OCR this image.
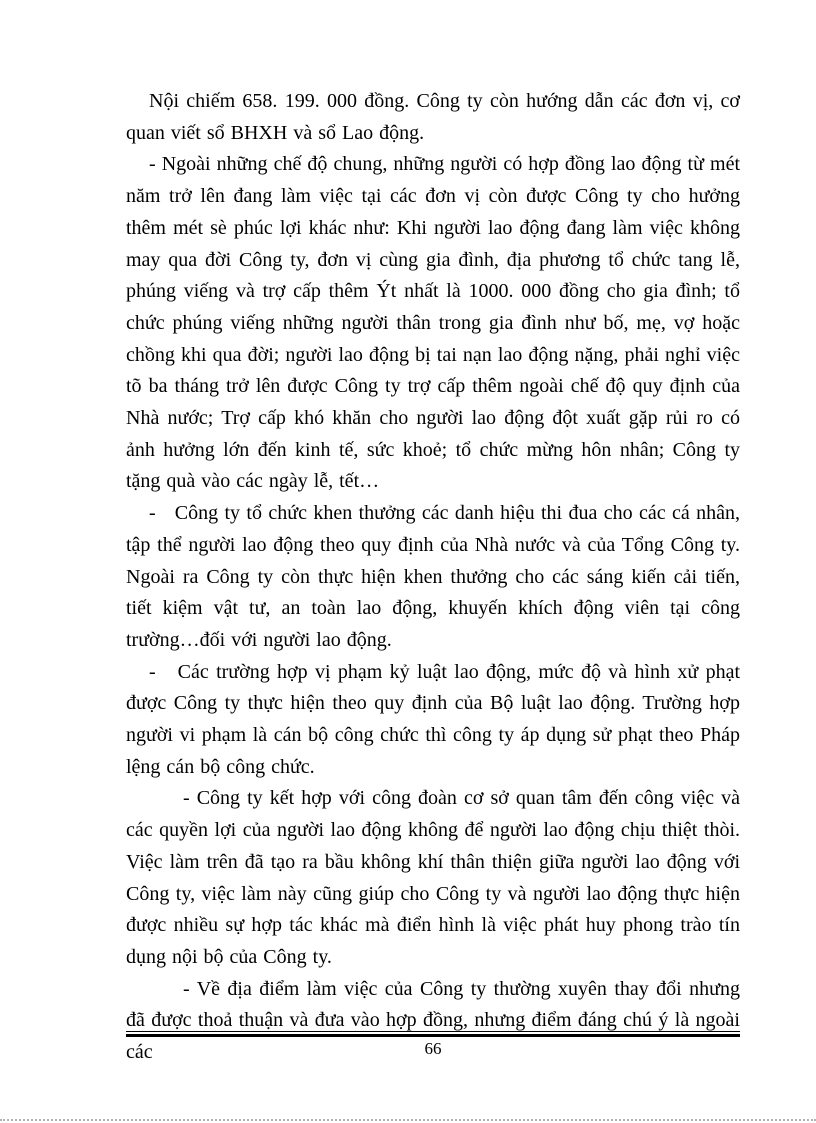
Nội chiếm 658. 199. 000 đồng. Công ty còn hướng dẫn các đơn vị, cơ quan viết sổ BHXH và sổ Lao động.

- Ngoài những chế độ chung, những người có hợp đồng lao động từ mét năm trở lên đang làm việc tại các đơn vị còn được Công ty cho hưởng thêm mét sè phúc lợi khác như: Khi người lao động đang làm việc không may qua đời Công ty, đơn vị cùng gia đình, địa phương tổ chức tang lễ, phúng viếng và trợ cấp thêm Ýt nhất là 1000. 000 đồng cho gia đình; tổ chức phúng viếng những người thân trong gia đình như bố, mẹ, vợ hoặc chồng khi qua đời; người lao động bị tai nạn lao động nặng, phải nghỉ việc tõ ba tháng trở lên được Công ty trợ cấp thêm ngoài chế độ quy định của Nhà nước; Trợ cấp khó khăn cho người lao động đột xuất gặp rủi ro có ảnh hưởng lớn đến kinh tế, sức khoẻ; tổ chức mừng hôn nhân; Công ty tặng quà vào các ngày lễ, tết…

-   Công ty tổ chức khen thưởng các danh hiệu thi đua cho các cá nhân, tập thể người lao động theo quy định của Nhà nước và của Tổng Công ty. Ngoài ra Công ty còn thực hiện khen thưởng cho các sáng kiến cải tiến, tiết kiệm vật tư, an toàn lao động, khuyến khích động viên tại công trường…đối với người lao động.

-   Các trường hợp vị phạm kỷ luật lao động, mức độ và hình xử phạt được Công ty thực hiện theo quy định của Bộ luật lao động. Trường hợp người vi phạm là cán bộ công chức thì công ty áp dụng sử phạt theo Pháp lệng cán bộ công chức.

- Công ty kết hợp với công đoàn cơ sở quan tâm đến công việc và các quyền lợi của người lao động không để người lao động chịu thiệt thòi. Việc làm trên đã tạo ra bầu không khí thân thiện giữa người lao động với Công ty, việc làm này cũng giúp cho Công ty và người lao động thực hiện được nhiều sự hợp tác khác mà điển hình là việc phát huy phong trào tín dụng nội bộ của Công ty.

- Về địa điểm làm việc của Công ty thường xuyên thay đổi nhưng đã được thoả thuận và đưa vào hợp đồng, nhưng điểm đáng chú ý là ngoài các	66
